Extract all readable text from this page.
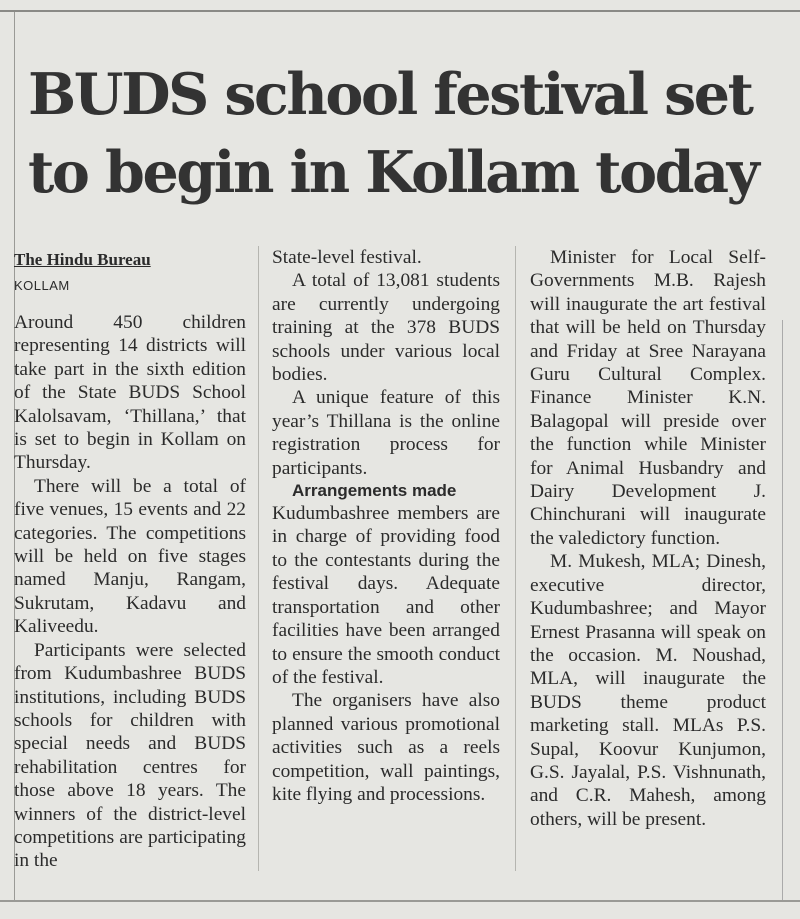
BUDS school festival set
to begin in Kollam today
The Hindu Bureau
KOLLAM

Around 450 children representing 14 districts will take part in the sixth edition of the State BUDS School Kalolsavam, ‘Thillana,’ that is set to begin in Kollam on Thursday.

There will be a total of five venues, 15 events and 22 categories. The competitions will be held on five stages named Manju, Rangam, Sukrutam, Kadavu and Kaliveedu.

Participants were selected from Kudumbashree BUDS institutions, including BUDS schools for children with special needs and BUDS rehabilitation centres for those above 18 years. The winners of the district-level competitions are participating in the

State-level festival.

A total of 13,081 students are currently undergoing training at the 378 BUDS schools under various local bodies.

A unique feature of this year’s Thillana is the online registration process for participants.

Arrangements made

Kudumbashree members are in charge of providing food to the contestants during the festival days. Adequate transportation and other facilities have been arranged to ensure the smooth conduct of the festival.

The organisers have also planned various promotional activities such as a reels competition, wall paintings, kite flying and processions.

Minister for Local Self-Governments M.B. Rajesh will inaugurate the art festival that will be held on Thursday and Friday at Sree Narayana Guru Cultural Complex. Finance Minister K.N. Balagopal will preside over the function while Minister for Animal Husbandry and Dairy Development J. Chinchurani will inaugurate the valedictory function.

M. Mukesh, MLA; Dinesh, executive director, Kudumbashree; and Mayor Ernest Prasanna will speak on the occasion. M. Noushad, MLA, will inaugurate the BUDS theme product marketing stall. MLAs P.S. Supal, Koovur Kunjumon, G.S. Jayalal, P.S. Vishnunath, and C.R. Mahesh, among others, will be present.
